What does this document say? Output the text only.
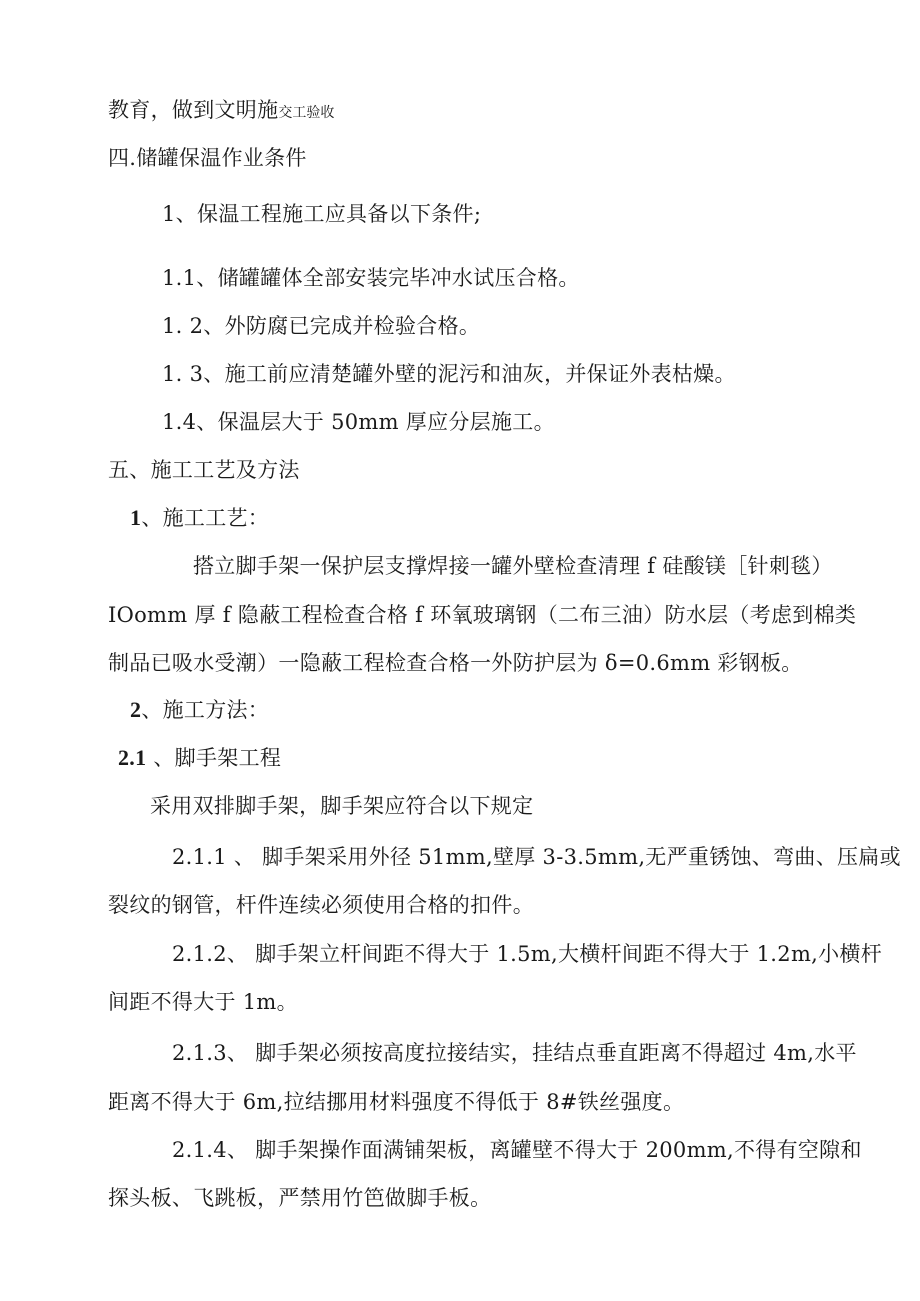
教育，做到文明施交工验收
四.储罐保温作业条件
1、保温工程施工应具备以下条件;
1.1、储罐罐体全部安装完毕冲水试压合格。
1. 2、外防腐已完成并检验合格。
1. 3、施工前应清楚罐外壁的泥污和油灰，并保证外表枯燥。
1.4、保温层大于 50mm 厚应分层施工。
五、施工工艺及方法
1、施工工艺：
搭立脚手架一保护层支撑焊接一罐外壁检查清理 f 硅酸镁［针刺毯）
IOomm 厚 f 隐蔽工程检查合格 f 环氧玻璃钢（二布三油）防水层（考虑到棉类
制品已吸水受潮）一隐蔽工程检查合格一外防护层为 δ=0.6mm 彩钢板。
2、施工方法：
2.1 、脚手架工程
采用双排脚手架，脚手架应符合以下规定
2.1.1 、 脚手架采用外径 51mm,壁厚 3-3.5mm,无严重锈蚀、弯曲、压扁或
裂纹的钢管，杆件连续必须使用合格的扣件。
2.1.2、 脚手架立杆间距不得大于 1.5m,大横杆间距不得大于 1.2m,小横杆
间距不得大于 1m。
2.1.3、 脚手架必须按高度拉接结实，挂结点垂直距离不得超过 4m,水平
距离不得大于 6m,拉结挪用材料强度不得低于 8#铁丝强度。
2.1.4、 脚手架操作面满铺架板，离罐壁不得大于 200mm,不得有空隙和
探头板、飞跳板，严禁用竹笆做脚手板。
